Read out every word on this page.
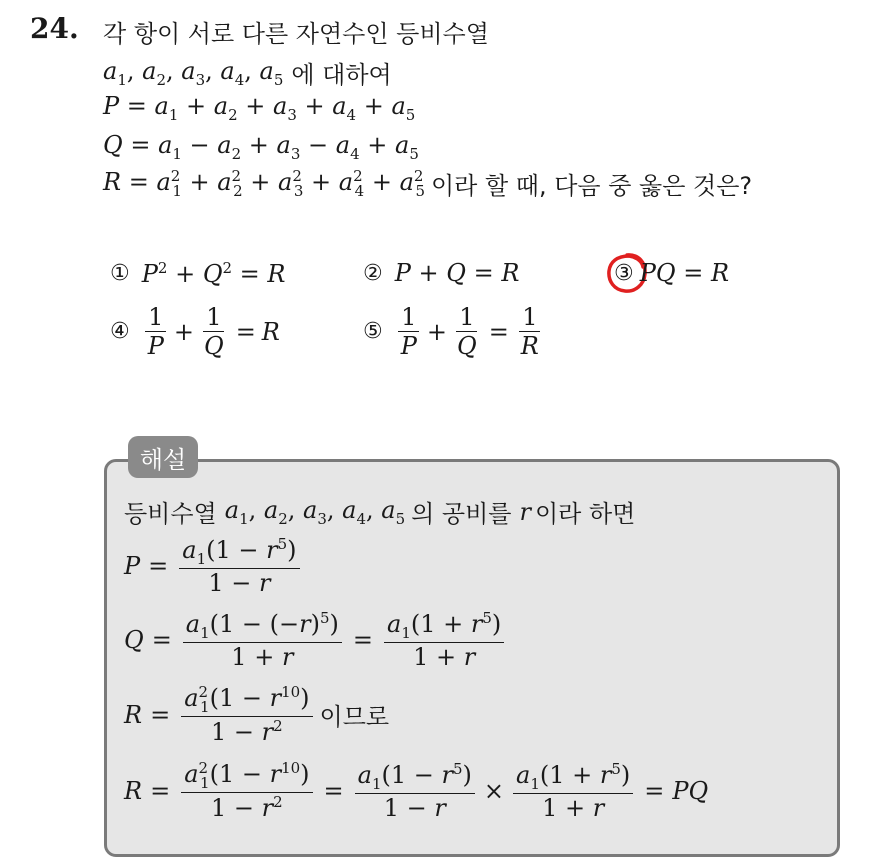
24. 각 항이 서로 다른 자연수인 등비수열
$a_1$, $a_2$, $a_3$, $a_4$, $a_5$ 에 대하여
$P = a_1 + a_2 + a_3 + a_4 + a_5$
$Q = a_1 - a_2 + a_3 - a_4 + a_5$
$R = a^2_1 + a^2_2 + a^2_3 + a^2_4 + a^2_5$ 이라 할 때, 다음 중 옳은 것은?
① $P^2 + Q^2 = R$	② P + Q = R	③ PQ = R
④ $\frac{1}{P} + \frac{1}{Q} = R$	⑤ $\frac{1}{P} + \frac{1}{Q} = \frac{1}{R}$
해설
등비수열 $a_1$, $a_2$, $a_3$, $a_4$, $a_5$ 의 공비를 r 이라 하면
$P = \frac{a_1(1 - r^5)}{1 - r}$
$Q = \frac{a_1(1 - (-r)^5)}{1 + r} = \frac{a_1(1 + r^5)}{1 + r}$
$R = \frac{a^2_1(1 - r^{10})}{1 - r^2}$ 이므로
$R = \frac{a^2_1(1 - r^{10})}{1 - r^2} = \frac{a_1(1 - r^5)}{1 - r} \times \frac{a_1(1 + r^5)}{1 + r}$ = PQ
